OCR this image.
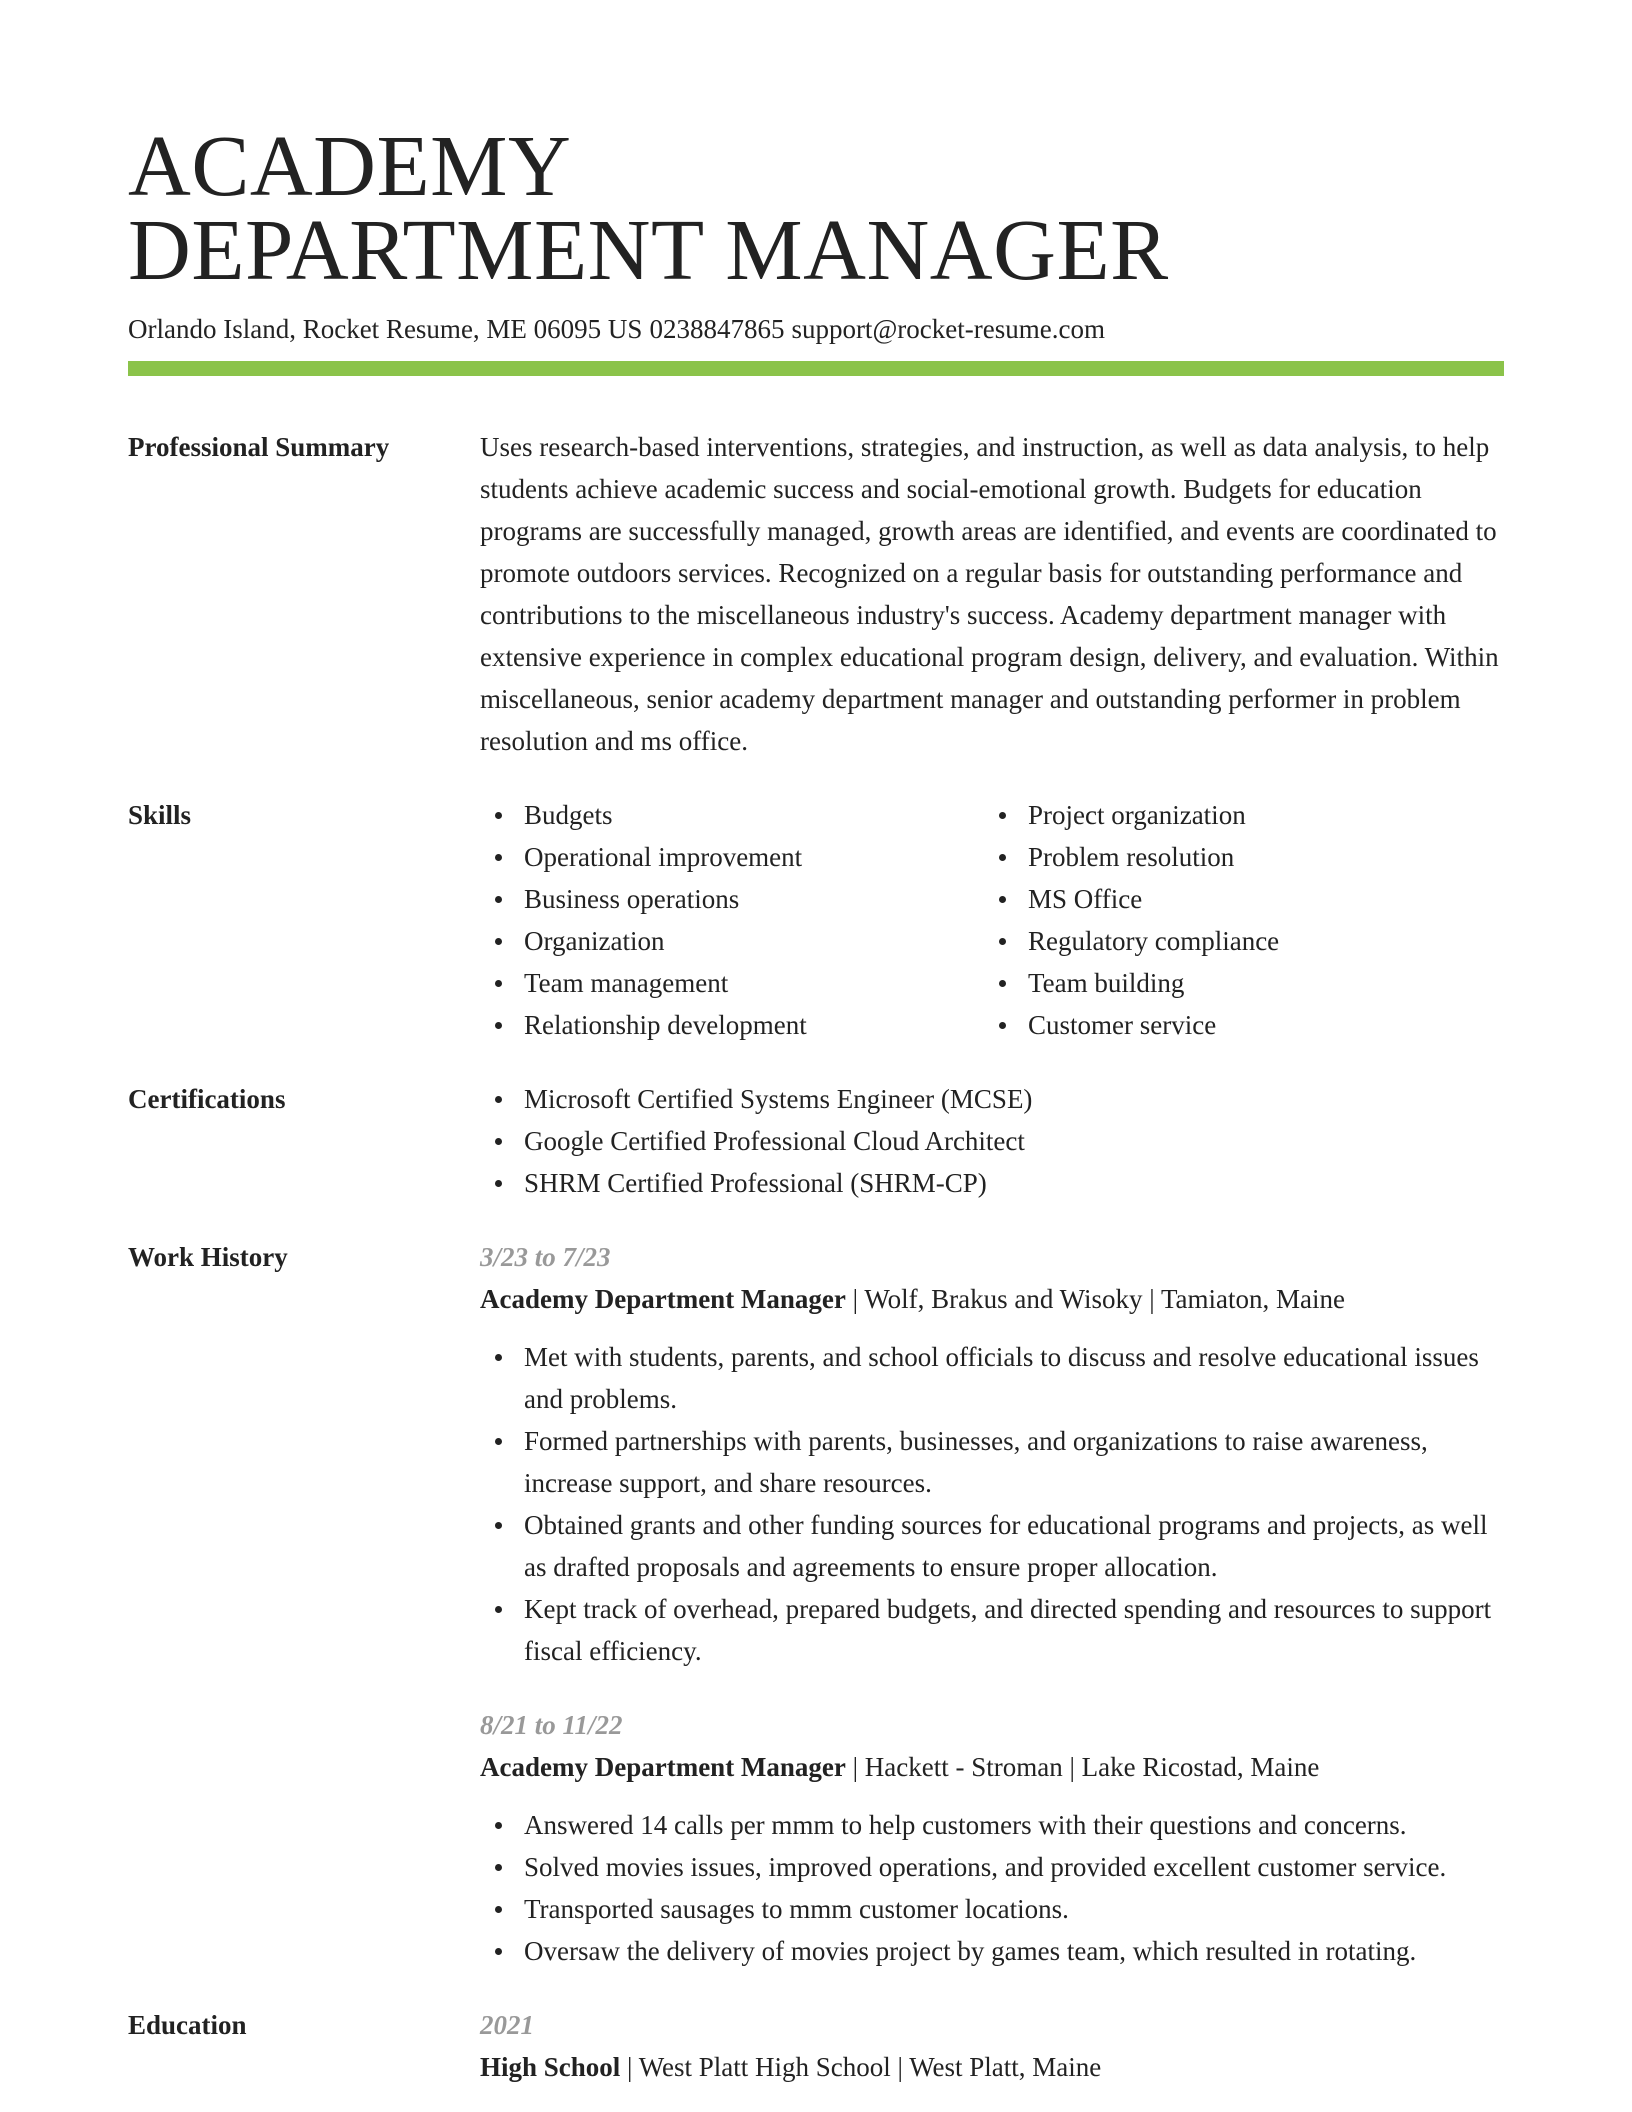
ACADEMY
DEPARTMENT MANAGER
Orlando Island, Rocket Resume, ME 06095 US 0238847865 support@rocket-resume.com
Professional Summary	Uses research-based interventions, strategies, and instruction, as well as data analysis, to help students achieve academic success and social-emotional growth. Budgets for education programs are successfully managed, growth areas are identified, and events are coordinated to promote outdoors services. Recognized on a regular basis for outstanding performance and contributions to the miscellaneous industry's success. Academy department manager with extensive experience in complex educational program design, delivery, and evaluation. Within miscellaneous, senior academy department manager and outstanding performer in problem resolution and ms office.

Skills	Budgets
Operational improvement
Business operations
Organization
Team management
Relationship development
Project organization
Problem resolution
MS Office
Regulatory compliance
Team building
Customer service
Certifications	Microsoft Certified Systems Engineer (MCSE)
Google Certified Professional Cloud Architect
SHRM Certified Professional (SHRM-CP)
Work History	3/23 to 7/23
Academy Department Manager | Wolf, Brakus and Wisoky | Tamiaton, Maine
Met with students, parents, and school officials to discuss and resolve educational issues and problems.
Formed partnerships with parents, businesses, and organizations to raise awareness, increase support, and share resources.
Obtained grants and other funding sources for educational programs and projects, as well as drafted proposals and agreements to ensure proper allocation.
Kept track of overhead, prepared budgets, and directed spending and resources to support fiscal efficiency.
8/21 to 11/22
Academy Department Manager | Hackett - Stroman | Lake Ricostad, Maine
Answered 14 calls per mmm to help customers with their questions and concerns.
Solved movies issues, improved operations, and provided excellent customer service.
Transported sausages to mmm customer locations.
Oversaw the delivery of movies project by games team, which resulted in rotating.
Education	2021
High School | West Platt High School | West Platt, Maine
